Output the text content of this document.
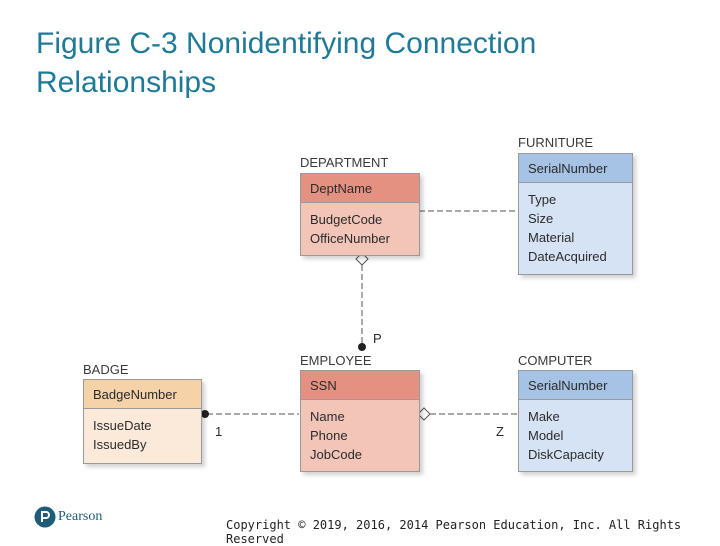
Figure C-3 Nonidentifying Connection
Relationships
DEPARTMENT
DeptName
BudgetCode
OfficeNumber
FURNITURE
SerialNumber
Type
Size
Material
DateAcquired
EMPLOYEE
SSN
Name
Phone
JobCode
COMPUTER
SerialNumber
Make
Model
DiskCapacity
BADGE
BadgeNumber
IssueDate
IssuedBy
P
1	Z
Pearson
Copyright © 2019, 2016, 2014 Pearson Education, Inc. All Rights Reserved
